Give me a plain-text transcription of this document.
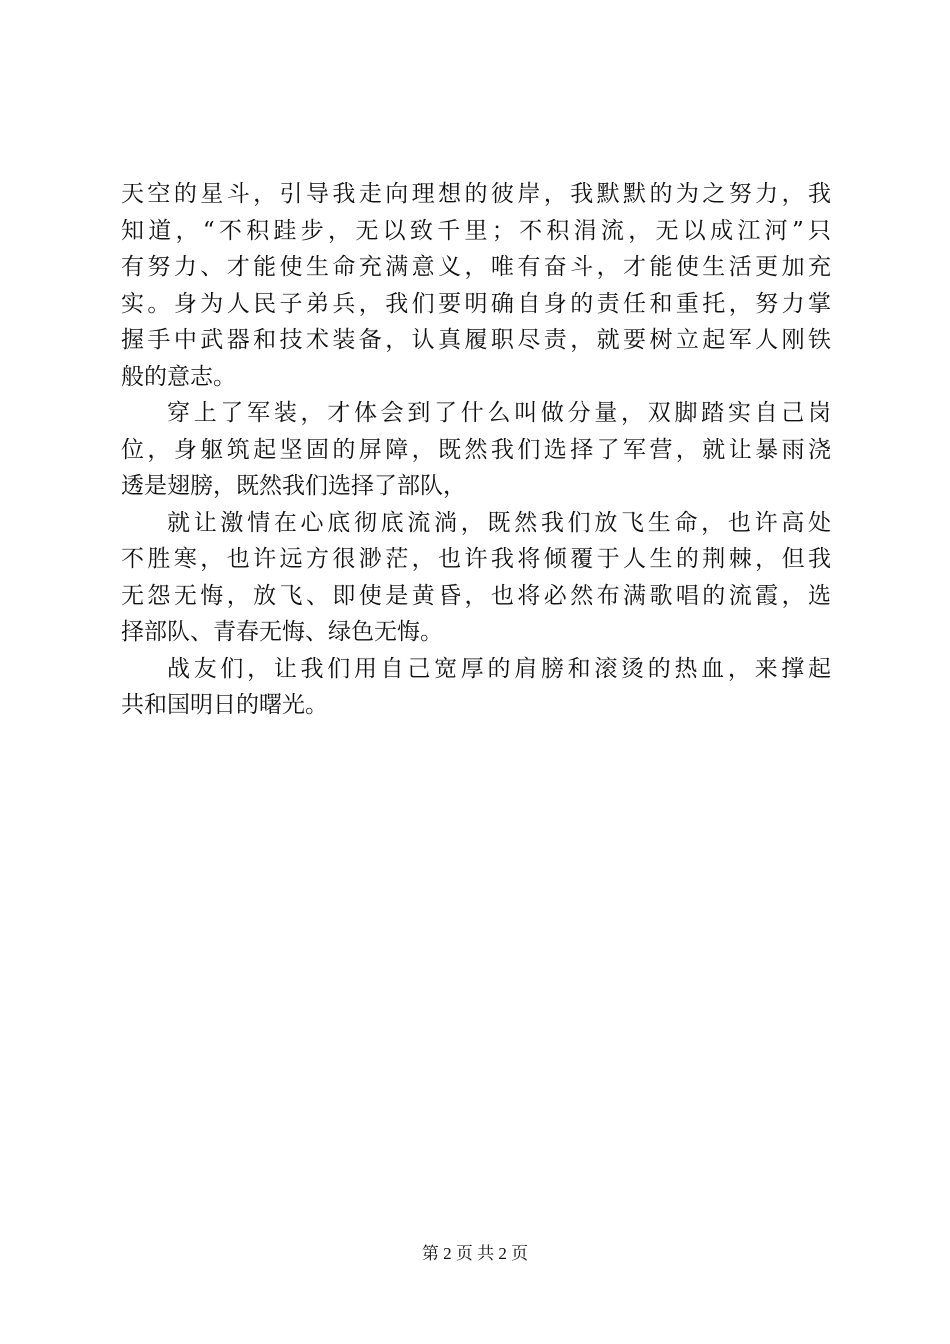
天空的星斗，引导我走向理想的彼岸，我默默的为之努力，我
知道，“不积跬步，无以致千里；不积涓流，无以成江河”只
有努力、才能使生命充满意义，唯有奋斗，才能使生活更加充
实。身为人民子弟兵，我们要明确自身的责任和重托，努力掌
握手中武器和技术装备，认真履职尽责，就要树立起军人刚铁
般的意志。
穿上了军装，才体会到了什么叫做分量，双脚踏实自己岗
位，身躯筑起坚固的屏障，既然我们选择了军营，就让暴雨浇
透是翅膀，既然我们选择了部队，
就让激情在心底彻底流淌，既然我们放飞生命，也许高处
不胜寒，也许远方很渺茫，也许我将倾覆于人生的荆棘，但我
无怨无悔，放飞、即使是黄昏，也将必然布满歌唱的流霞，选
择部队、青春无悔、绿色无悔。
战友们，让我们用自己宽厚的肩膀和滚烫的热血，来撑起
共和国明日的曙光。
第 2 页 共 2 页
